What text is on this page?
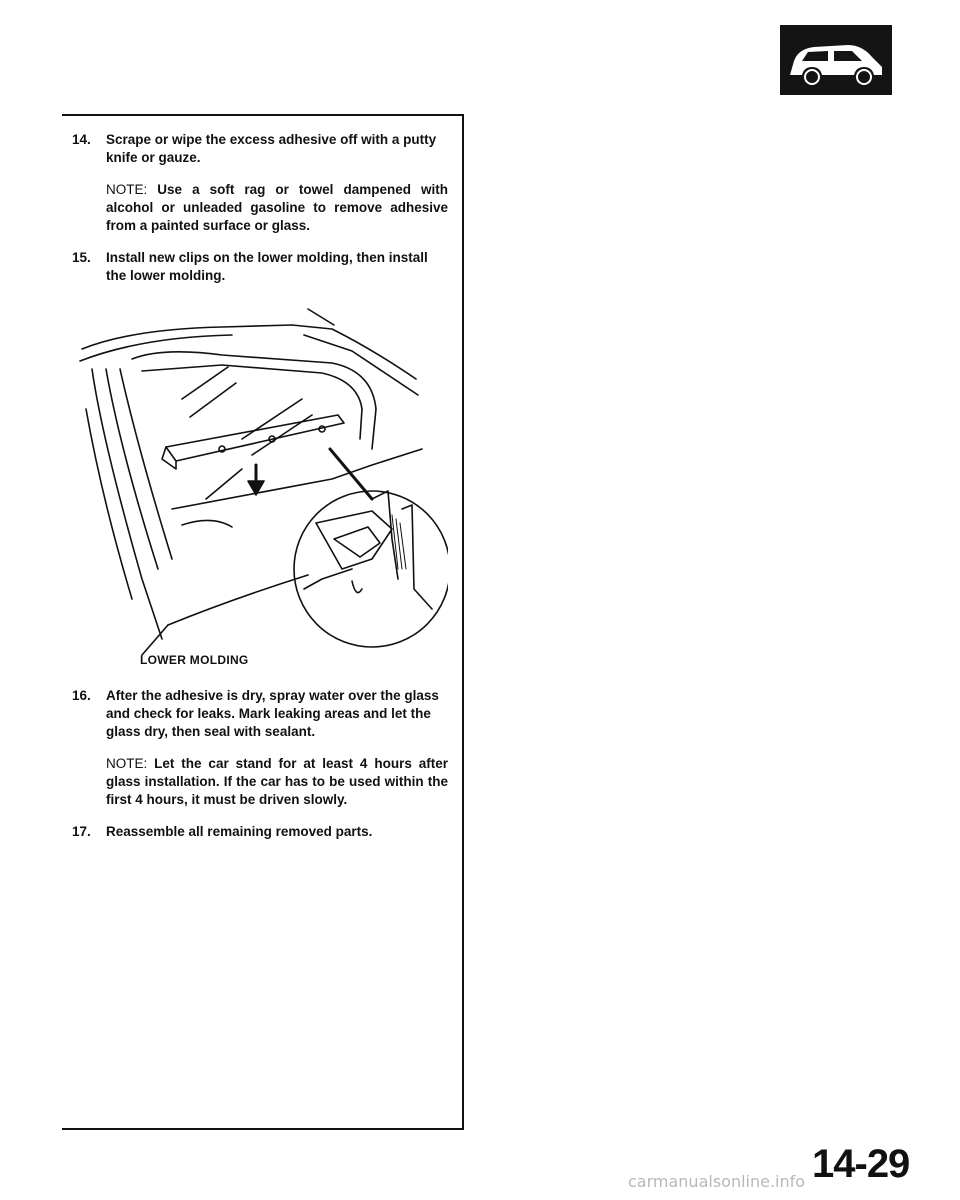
14. Scrape or wipe the excess adhesive off with a putty knife or gauze.
NOTE: Use a soft rag or towel dampened with alcohol or unleaded gasoline to remove adhesive from a painted surface or glass.
15. Install new clips on the lower molding, then install the lower molding.
16. After the adhesive is dry, spray water over the glass and check for leaks. Mark leaking areas and let the glass dry, then seal with sealant.
NOTE: Let the car stand for at least 4 hours after glass installation. If the car has to be used within the first 4 hours, it must be driven slowly.
17. Reassemble all remaining removed parts.
LOWER MOLDING
14-29
carmanualsonline.info
